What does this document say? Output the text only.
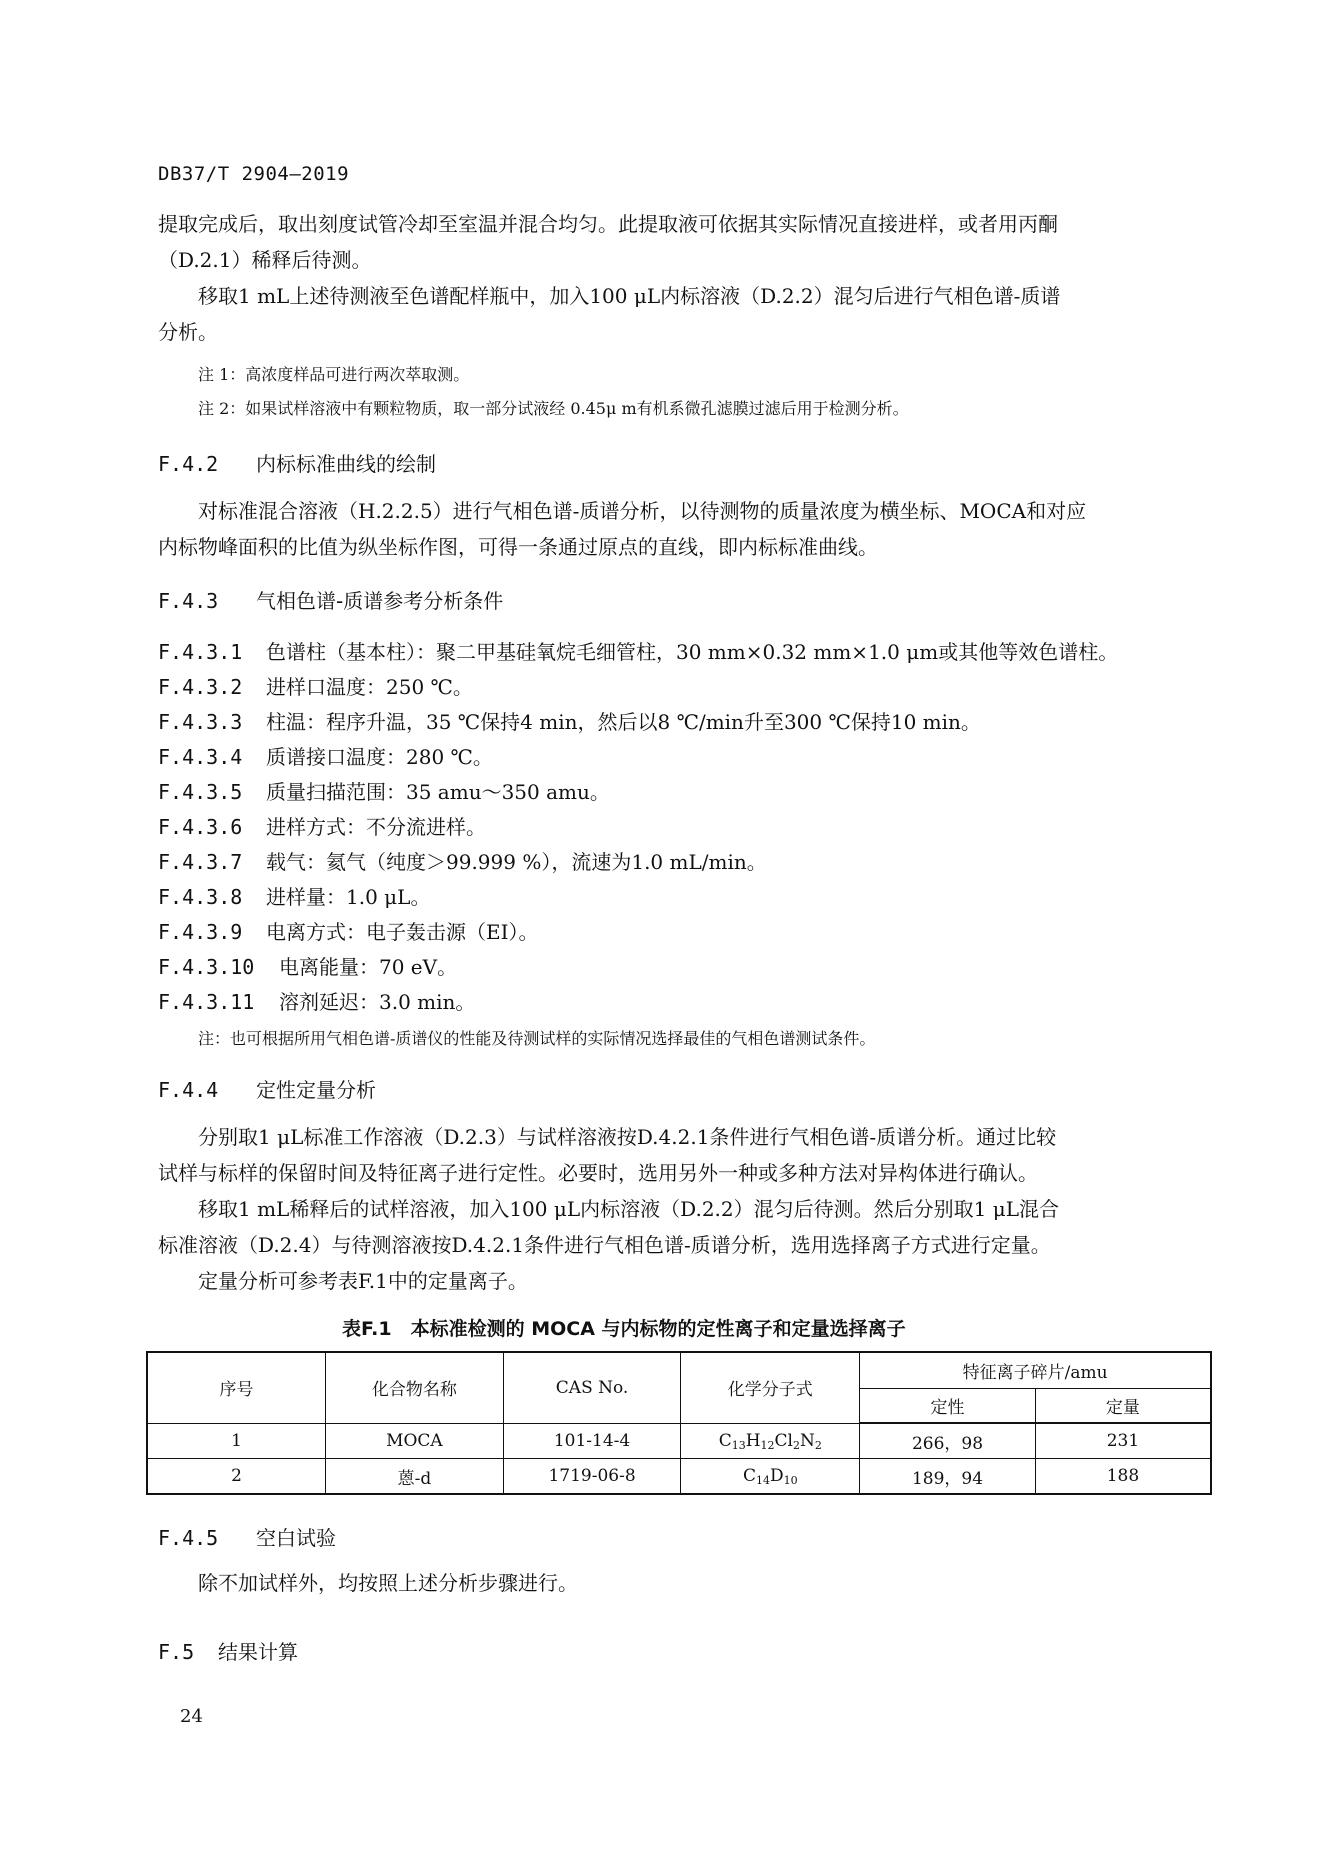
DB37/T 2904—2019
提取完成后，取出刻度试管冷却至室温并混合均匀。此提取液可依据其实际情况直接进样，或者用丙酮
（D.2.1）稀释后待测。
移取1 mL上述待测液至色谱配样瓶中，加入100 μL内标溶液（D.2.2）混匀后进行气相色谱-质谱
分析。
注 1：高浓度样品可进行两次萃取测。
注 2：如果试样溶液中有颗粒物质，取一部分试液经 0.45μ m有机系微孔滤膜过滤后用于检测分析。
F.4.2 内标标准曲线的绘制
对标准混合溶液（H.2.2.5）进行气相色谱-质谱分析，以待测物的质量浓度为横坐标、MOCA和对应
内标物峰面积的比值为纵坐标作图，可得一条通过原点的直线，即内标标准曲线。
F.4.3 气相色谱-质谱参考分析条件
F.4.3.1 色谱柱（基本柱）：聚二甲基硅氧烷毛细管柱，30 mm×0.32 mm×1.0 μm或其他等效色谱柱。
F.4.3.2 进样口温度：250 ℃。
F.4.3.3 柱温：程序升温，35 ℃保持4 min，然后以8 ℃/min升至300 ℃保持10 min。
F.4.3.4 质谱接口温度：280 ℃。
F.4.3.5 质量扫描范围：35 amu～350 amu。
F.4.3.6 进样方式：不分流进样。
F.4.3.7 载气：氦气（纯度＞99.999 %），流速为1.0 mL/min。
F.4.3.8 进样量：1.0 μL。
F.4.3.9 电离方式：电子轰击源（EI）。
F.4.3.10 电离能量：70 eV。
F.4.3.11 溶剂延迟：3.0 min。
注：也可根据所用气相色谱-质谱仪的性能及待测试样的实际情况选择最佳的气相色谱测试条件。
F.4.4 定性定量分析
分别取1 μL标准工作溶液（D.2.3）与试样溶液按D.4.2.1条件进行气相色谱-质谱分析。通过比较
试样与标样的保留时间及特征离子进行定性。必要时，选用另外一种或多种方法对异构体进行确认。
移取1 mL稀释后的试样溶液，加入100 μL内标溶液（D.2.2）混匀后待测。然后分别取1 μL混合
标准溶液（D.2.4）与待测溶液按D.4.2.1条件进行气相色谱-质谱分析，选用选择离子方式进行定量。
定量分析可参考表F.1中的定量离子。
表F.1　本标准检测的 MOCA 与内标物的定性离子和定量选择离子
序号	化合物名称	CAS No.	化学分子式	特征离子碎片/amu	
				定性	定量
1	MOCA	101-14-4	$C_{13}H_{12}Cl_2N_2$	266，98	231
2	蒽-d	1719-06-8	$C_{14}D_{10}$	189，94	188
F.4.5 空白试验
除不加试样外，均按照上述分析步骤进行。
F.5 结果计算
24
